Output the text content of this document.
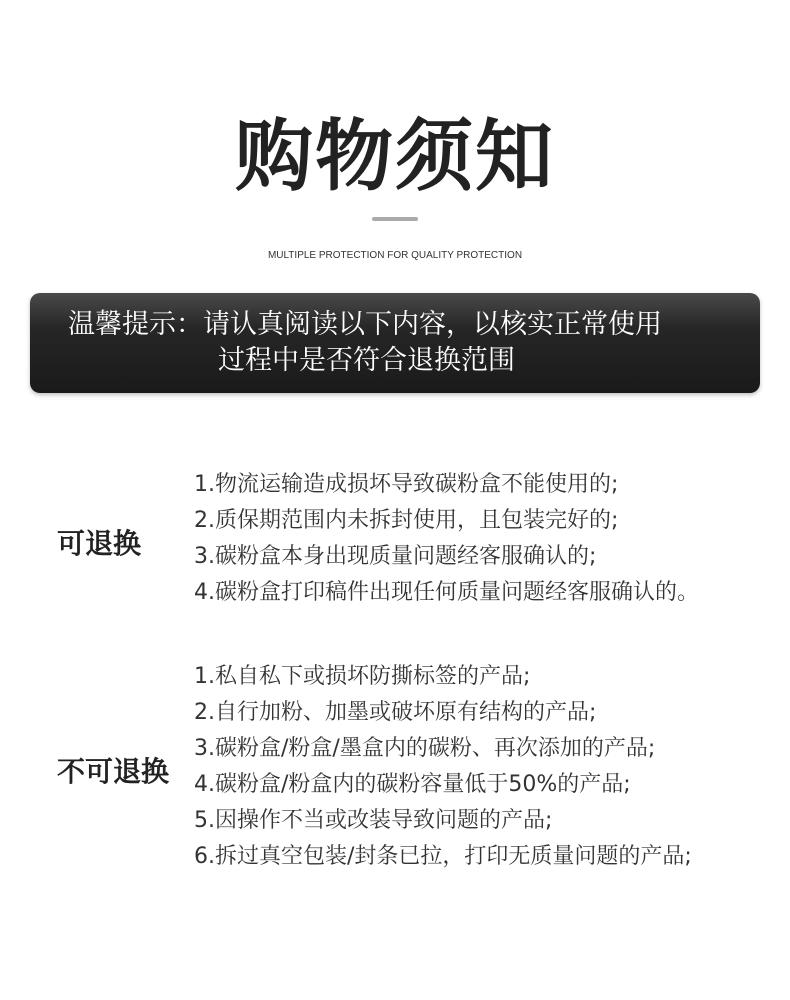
购物须知
MULTIPLE PROTECTION FOR QUALITY PROTECTION
温馨提示：请认真阅读以下内容，以核实正常使用
过程中是否符合退换范围
可退换
1.物流运输造成损坏导致碳粉盒不能使用的;
2.质保期范围内未拆封使用，且包装完好的;
3.碳粉盒本身出现质量问题经客服确认的;
4.碳粉盒打印稿件出现任何质量问题经客服确认的。
不可退换
1.私自私下或损坏防撕标签的产品;
2.自行加粉、加墨或破坏原有结构的产品;
3.碳粉盒/粉盒/墨盒内的碳粉、再次添加的产品;
4.碳粉盒/粉盒内的碳粉容量低于50%的产品;
5.因操作不当或改装导致问题的产品;
6.拆过真空包装/封条已拉，打印无质量问题的产品;
